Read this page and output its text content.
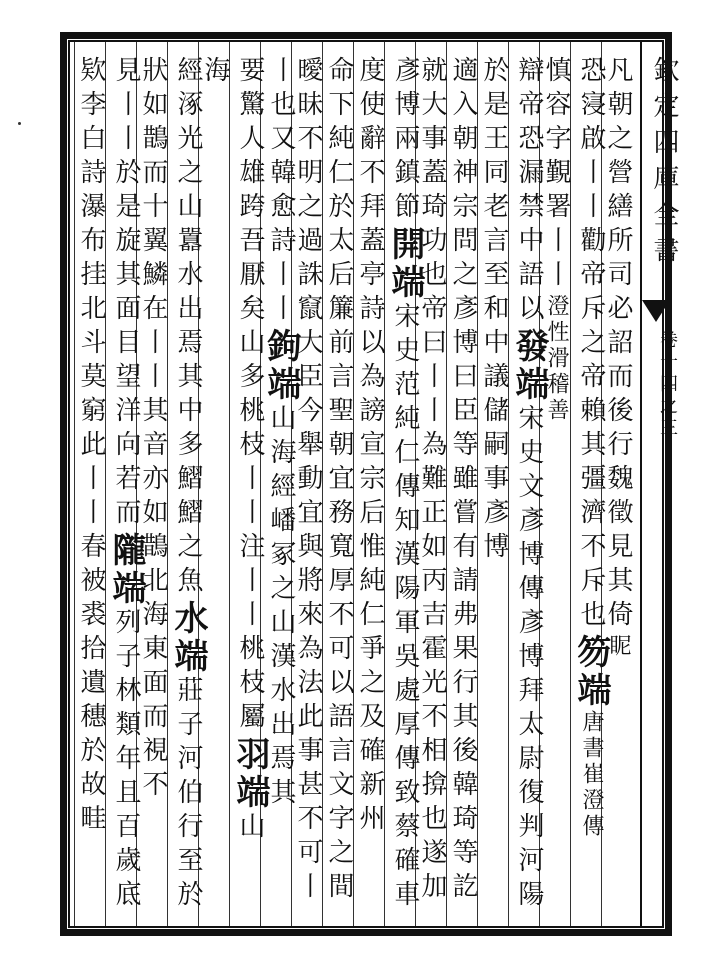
欽定四庫全書
卷十四之三
凡朝之營繕所司必詔而後行魏徵見其倚眤
恐寖啟丨丨勸帝斥之帝賴其彊濟不斥也笏端唐書崔澄傳
慎容字覲署丨丨澄性滑稽善
辯帝恐漏禁中語以發端宋史文彥博傳彥博拜太尉復判河陽
於是王同老言至和中議儲嗣事彥博
適入朝神宗問之彥博曰臣等雖嘗有請弗果行其後韓琦等訖
就大事蓋琦功也帝曰丨丨為難正如丙吉霍光不相揜也遂加
彥博兩鎮節開端宋史范純仁傳知漢陽軍吳處厚傳致蔡確車
度使辭不拜蓋亭詩以為謗宣宗后惟純仁爭之及確新州
命下純仁於太后簾前言聖朝宜務寬厚不可以語言文字之間
曖昧不明之過誅竄大臣今舉動宜與將來為法此事甚不可丨
丨也又韓愈詩丨丨鉤端山海經嶓冢之山漢水出焉其
要驚人雄跨吾厭矣山多桃枝丨丨注丨丨桃枝屬羽端山
海
經涿光之山囂水出焉其中多鰼鰼之魚水端莊子河伯行至於
狀如鵲而十翼鱗在丨丨其音亦如鵲北海東面而視不
見丨丨於是旋其面目望洋向若而隴端列子林類年且百歲底
欵李白詩瀑布挂北斗莫窮此丨丨春被裘拾遺穗於故畦
